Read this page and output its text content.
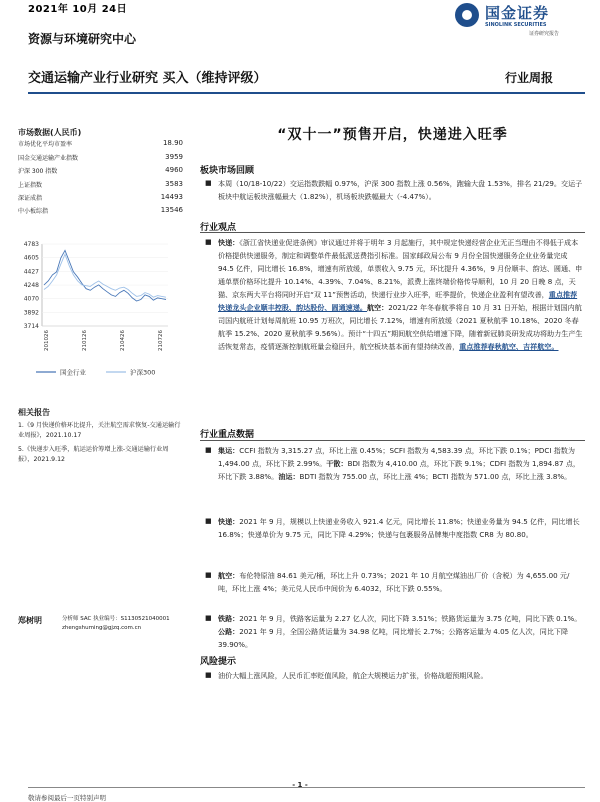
2021年 10月 24日	国金证券
SINOLINK SECURITIES
证券研究报告
资源与环境研究中心
交通运输产业行业研究 买入（维持评级）	行业周报
市场数据(人民币)
市场优化平均市盈率	18.90
国金交通运输产业指数	3959
沪深 300 指数	4960
上证指数	3583
深证成指	14493
中小板综指	13546
4783
4605
4427
4248
4070
3892
3714
201026	210126	210426	210726
国金行业	沪深300
相关报告
1.《9 月快递价格环比提升，关注航空需求恢复-交通运输行业周报》，2021.10.17
5.《快递步入旺季，航运运价筹增上涨-交通运输行业周报》，2021.9.12
郑树明	分析师 SAC 执业编号：S1130521040001
zhengshuming@gjzq.com.cn
“双十一”预售开启，快递进入旺季
板块市场回顾
■ 本周（10/18-10/22）交运指数跌幅 0.97%，沪深 300 指数上涨 0.56%，跑输大盘 1.53%，排名 21/29。交运子板块中航运板块涨幅最大（1.82%），机场板块跌幅最大（-4.47%）。
行业观点
■ 快递：《浙江省快递业促进条例》审议通过并将于明年 3 月起施行，其中规定快递经营企业无正当理由不得低于成本价格提供快递服务，制定和调整单件最低派送费指引标准。国家邮政局公布 9 月份全国快递服务企业业务量完成 94.5 亿件，同比增长 16.8%，增速有所放缓，单票收入 9.75 元，环比提升 4.36%，9 月份顺丰、韵达、圆通、申通单票价格环比提升 10.14%、4.39%、7.04%、8.21%，派费上涨终端价格传导顺利，10 月 20 日晚 8 点，天猫、京东两大平台将同时开启“双 11”预售活动，快递行业步入旺季，旺季提价，快递企业盈利有望改善，重点推荐快递龙头企业顺丰控股、韵达股份、圆通速递。航空：2021/22 年冬春航季将自 10 月 31 日开始，根据计划国内航司国内航班计划每周航班 10.95 万班次，同比增长 7.12%，增速有所放缓（2021 夏秋航季 10.18%、2020 冬春航季 15.2%、2020 夏秋航季 9.56%）。预计“十四五”期间航空供给增速下降，随着新冠肺炎研发成功将助力生产生活恢复常态，疫情逐渐控制航班量会稳回升，航空板块基本面有望持续改善，重点推荐春秋航空、吉祥航空。
行业重点数据
■ 集运：CCFI 指数为 3,315.27 点，环比上涨 0.45%；SCFI 指数为 4,583.39 点，环比下跌 0.1%；PDCI 指数为 1,494.00 点，环比下跌 2.99%。干散：BDI 指数为 4,410.00 点，环比下跌 9.1%；CDFI 指数为 1,894.87 点，环比下跌 3.88%。油运：BDTI 指数为 755.00 点，环比上涨 4%；BCTI 指数为 571.00 点，环比上涨 3.8%。
■ 快递：2021 年 9 月，规模以上快递业务收入 921.4 亿元，同比增长 11.8%；快递业务量为 94.5 亿件，同比增长 16.8%；快递单价为 9.75 元，同比下降 4.29%；快递与包裹服务品牌集中度指数 CR8 为 80.80。
■ 航空：布伦特原油 84.61 美元/桶，环比上升 0.73%；2021 年 10 月航空煤油出厂价（含税）为 4,655.00 元/吨，环比上涨 4%；美元兑人民币中间价为 6.4032，环比下跌 0.55%。
■ 铁路：2021 年 9 月，铁路客运量为 2.27 亿人次，同比下降 3.51%；铁路货运量为 3.75 亿吨，同比下跌 0.1%。公路：2021 年 9 月，全国公路货运量为 34.98 亿吨，同比增长 2.7%；公路客运量为 4.05 亿人次，同比下降 39.90%。
风险提示
■ 油价大幅上涨风险，人民币汇率贬值风险，航企大规模运力扩张，价格战超预期风险。
- 1 -
敬请参阅最后一页特别声明
